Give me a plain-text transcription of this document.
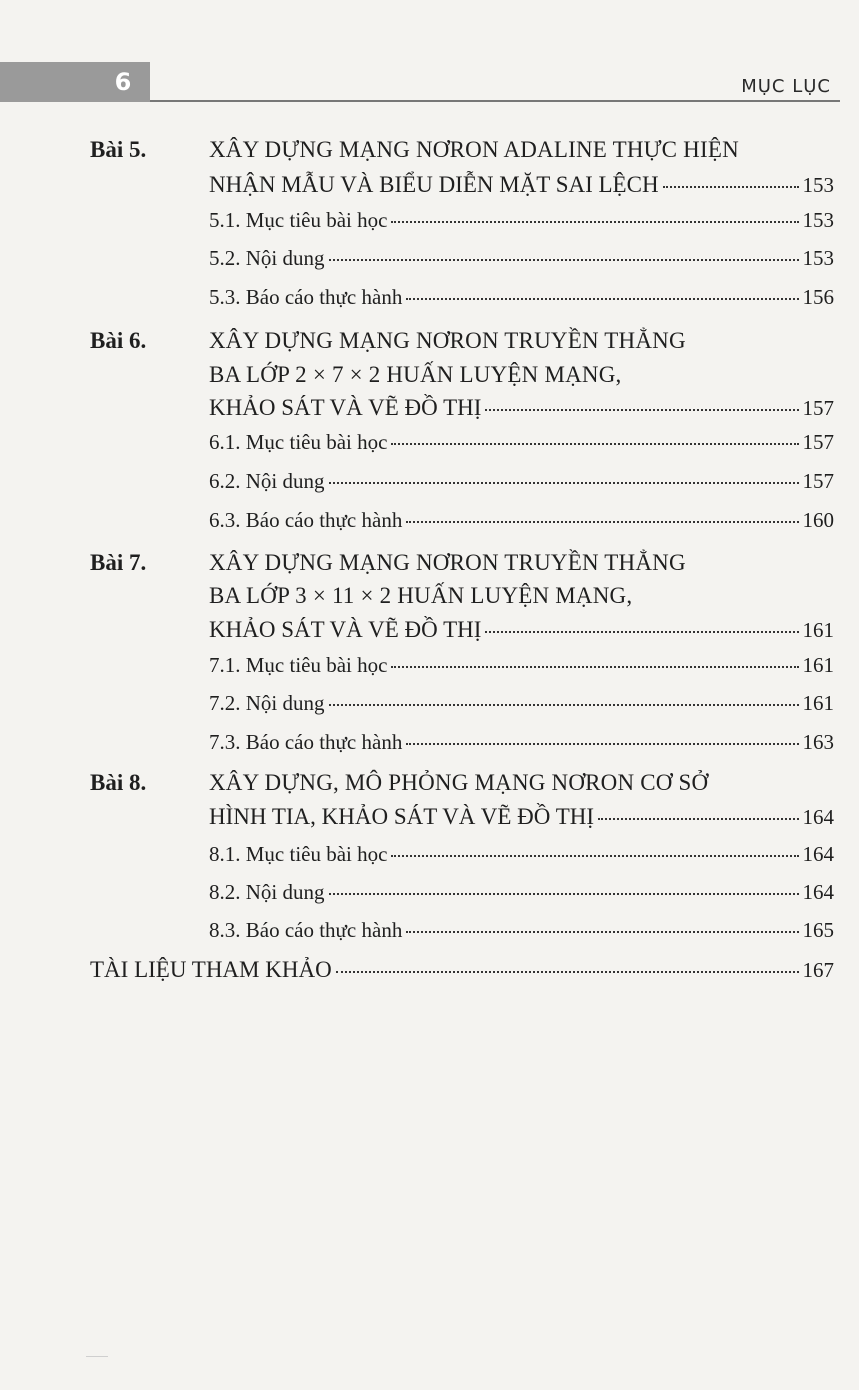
6	MỤC LỤC
Bài 5.	XÂY DỰNG MẠNG NƠRON ADALINE THỰC HIỆN
NHẬN MẪU VÀ BIỂU DIỄN MẶT SAI LỆCH	153
5.1. Mục tiêu bài học	153
5.2. Nội dung	153
5.3. Báo cáo thực hành	156
Bài 6.	XÂY DỰNG MẠNG NƠRON TRUYỀN THẲNG
BA LỚP 2 × 7 × 2 HUẤN LUYỆN MẠNG,
KHẢO SÁT VÀ VẼ ĐỒ THỊ	157
6.1. Mục tiêu bài học	157
6.2. Nội dung	157
6.3. Báo cáo thực hành	160
Bài 7.	XÂY DỰNG MẠNG NƠRON TRUYỀN THẲNG
BA LỚP 3 × 11 × 2 HUẤN LUYỆN MẠNG,
KHẢO SÁT VÀ VẼ ĐỒ THỊ	161
7.1. Mục tiêu bài học	161
7.2. Nội dung	161
7.3. Báo cáo thực hành	163
Bài 8.	XÂY DỰNG, MÔ PHỎNG MẠNG NƠRON CƠ SỞ
HÌNH TIA, KHẢO SÁT VÀ VẼ ĐỒ THỊ	164
8.1. Mục tiêu bài học	164
8.2. Nội dung	164
8.3. Báo cáo thực hành	165
TÀI LIỆU THAM KHẢO	167
